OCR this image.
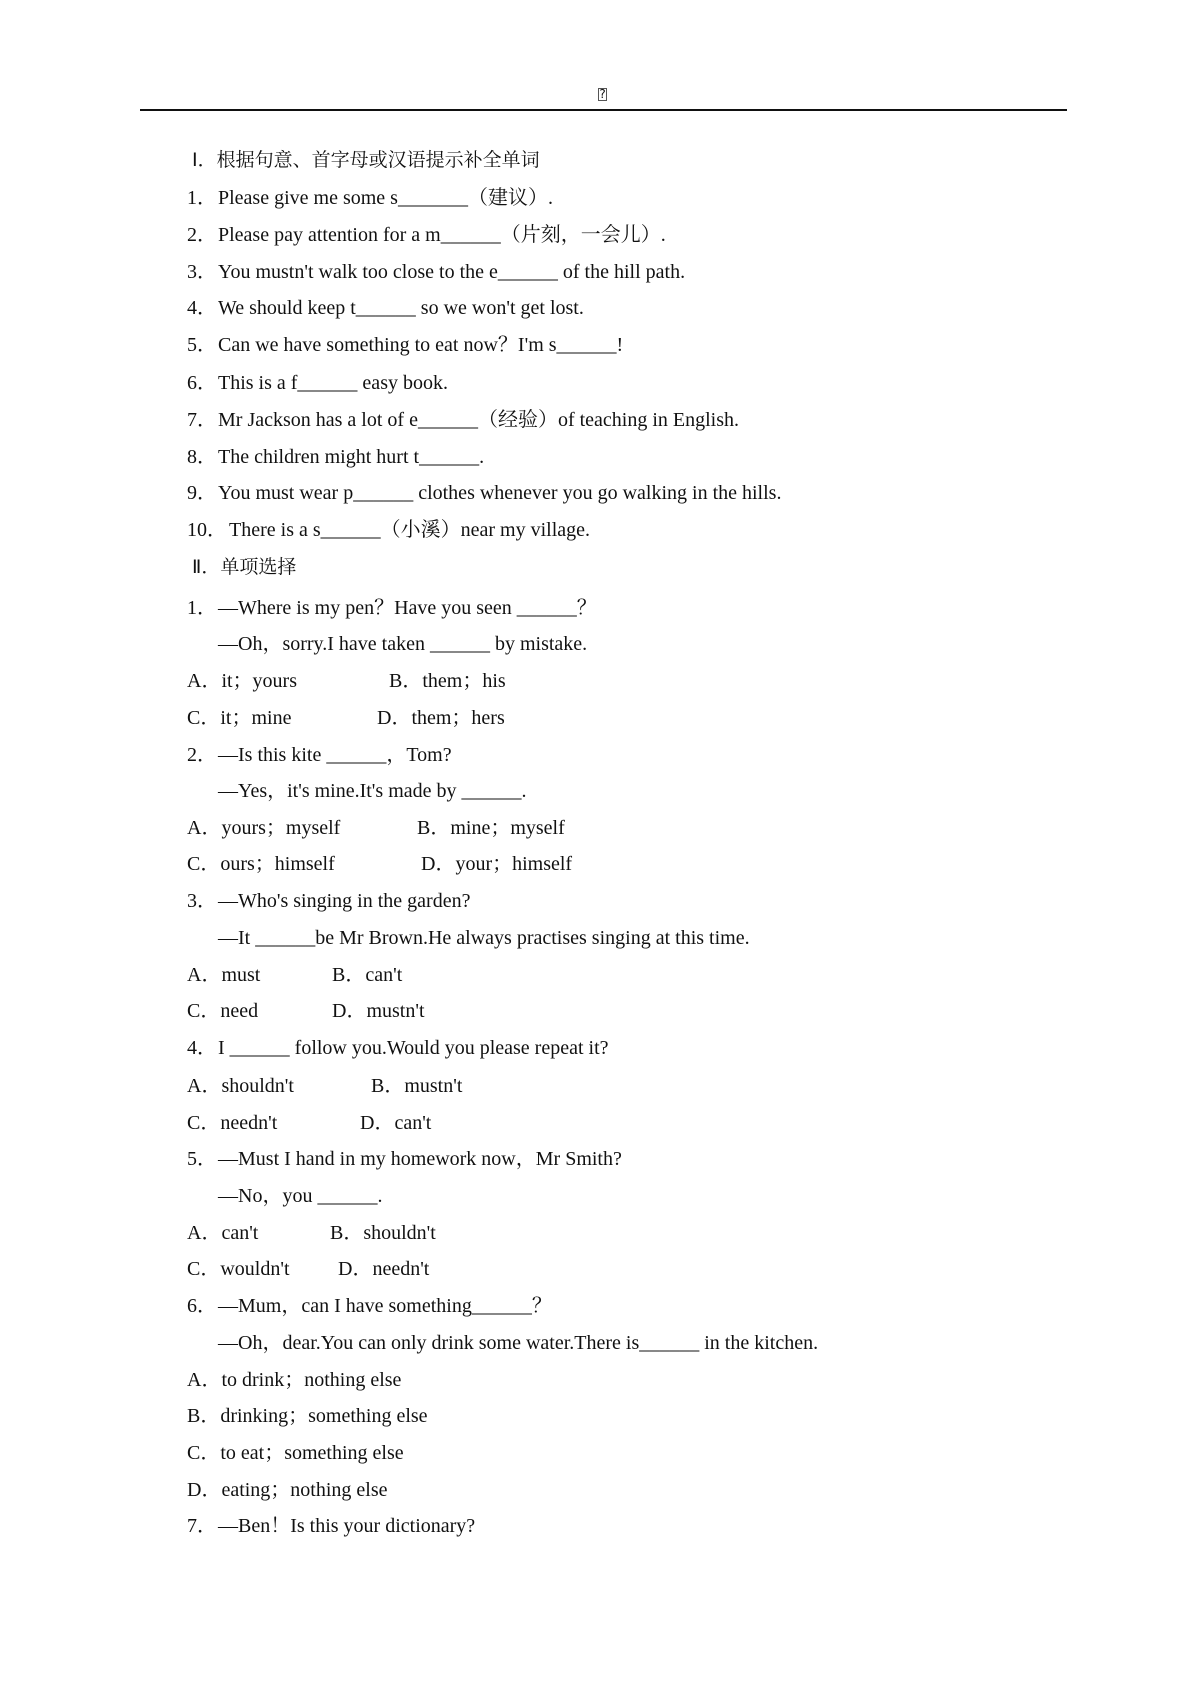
?
Ⅰ．根据句意、首字母或汉语提示补全单词
1． Please give me some s_______（建议）.
2． Please pay attention for a m______（片刻，一会儿）.
3． You mustn't walk too close to the e______ of the hill path.
4． We should keep t______ so we won't get lost.
5． Can we have something to eat now？I'm s______!
6． This is a f______ easy book.
7． Mr Jackson has a lot of e______（经验）of teaching in English.
8． The children might hurt t______.
9． You must wear p______ clothes whenever you go walking in the hills.
10． There is a s______（小溪）near my village.
Ⅱ．单项选择
1． —Where is my pen？Have you seen ______？
—Oh，sorry.I have taken ______ by mistake.
A．it；yours	B．them；his
C．it；mine	D．them；hers
2． —Is this kite ______，Tom?
—Yes，it's mine.It's made by ______.
A．yours；myself	B．mine；myself
C．ours；himself	D．your；himself
3． —Who's singing in the garden?
—It ______be Mr Brown.He always practises singing at this time.
A．must	B．can't
C．need	D．mustn't
4． I ______ follow you.Would you please repeat it?
A．shouldn't	B．mustn't
C．needn't	D．can't
5． —Must I hand in my homework now，Mr Smith?
—No，you ______.
A．can't	B．shouldn't
C．wouldn't D．needn't
6． —Mum，can I have something______？
—Oh，dear.You can only drink some water.There is______ in the kitchen.
A．to drink；nothing else
B．drinking；something else
C．to eat；something else
D．eating；nothing else
7． —Ben！Is this your dictionary?
